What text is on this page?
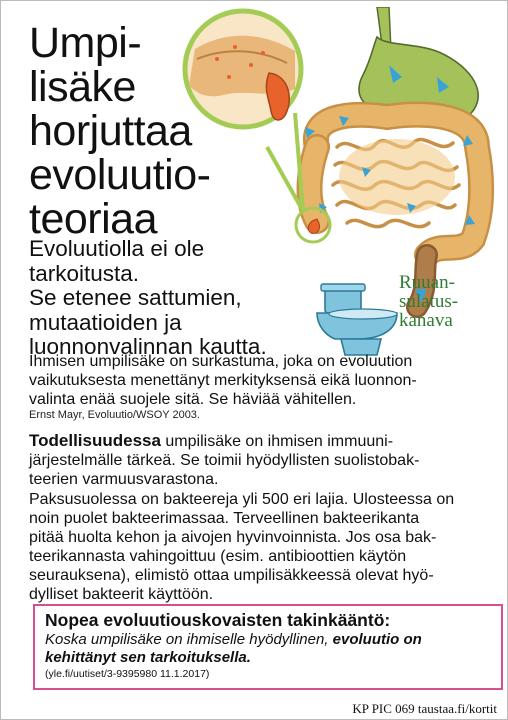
Umpi-
lisäke
horjuttaa
evoluutio-
teoriaa
Ruuan-
sulatus-
kanava
Evoluutiolla ei ole
tarkoitusta.
Se etenee sattumien,
mutaatioiden ja
luonnonvalinnan kautta.
Ihmisen umpilisäke on surkastuma, joka on evoluution
vaikutuksesta menettänyt merkityksensä eikä luonnon-
valinta enää suojele sitä. Se häviää vähitellen.
Ernst Mayr, Evoluutio/WSOY 2003.
Todellisuudessa umpilisäke on ihmisen immuuni-
järjestelmälle tärkeä. Se toimii hyödyllisten suolistobak-
teerien varmuusvarastona.
Paksusuolessa on bakteereja yli 500 eri lajia. Ulosteessa on
noin puolet bakteerimassaa. Terveellinen bakteerikanta
pitää huolta kehon ja aivojen hyvinvoinnista. Jos osa bak-
teerikannasta vahingoittuu (esim. antibioottien käytön
seurauksena), elimistö ottaa umpilisäkkeessä olevat hyö-
dylliset bakteerit käyttöön.
Nopea evoluutiouskovaisten takinkääntö:
Koska umpilisäke on ihmiselle hyödyllinen, evoluutio on
kehittänyt sen tarkoituksella.
(yle.fi/uutiset/3-9395980 11.1.2017)
KP PIC 069 taustaa.fi/kortit
